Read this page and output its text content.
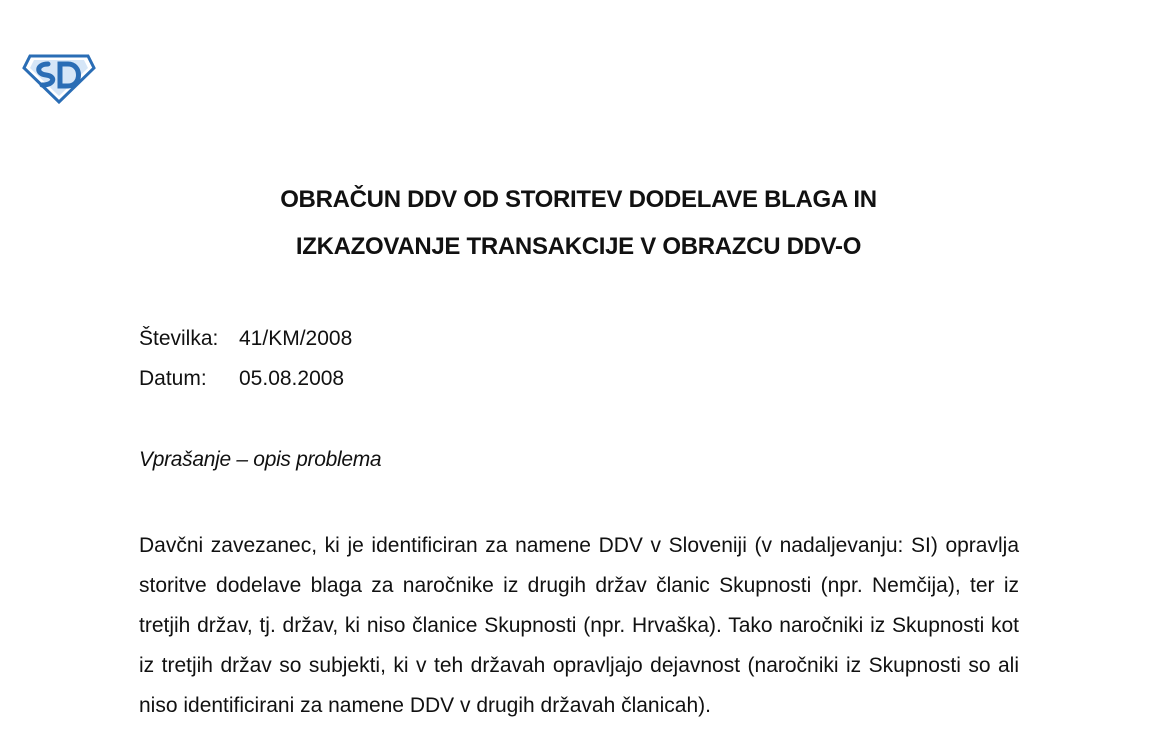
OBRAČUN DDV OD STORITEV DODELAVE BLAGA IN
IZKAZOVANJE TRANSAKCIJE V OBRAZCU DDV-O
Številka: 41/KM/2008
Datum: 05.08.2008
Vprašanje – opis problema

Davčni zavezanec, ki je identificiran za namene DDV v Sloveniji (v nadaljevanju: SI) opravlja storitve dodelave blaga za naročnike iz drugih držav članic Skupnosti (npr. Nemčija), ter iz tretjih držav, tj. držav, ki niso članice Skupnosti (npr. Hrvaška). Tako naročniki iz Skupnosti kot iz tretjih držav so subjekti, ki v teh državah opravljajo dejavnost (naročniki iz Skupnosti so ali niso identificirani za namene DDV v drugih državah članicah).
